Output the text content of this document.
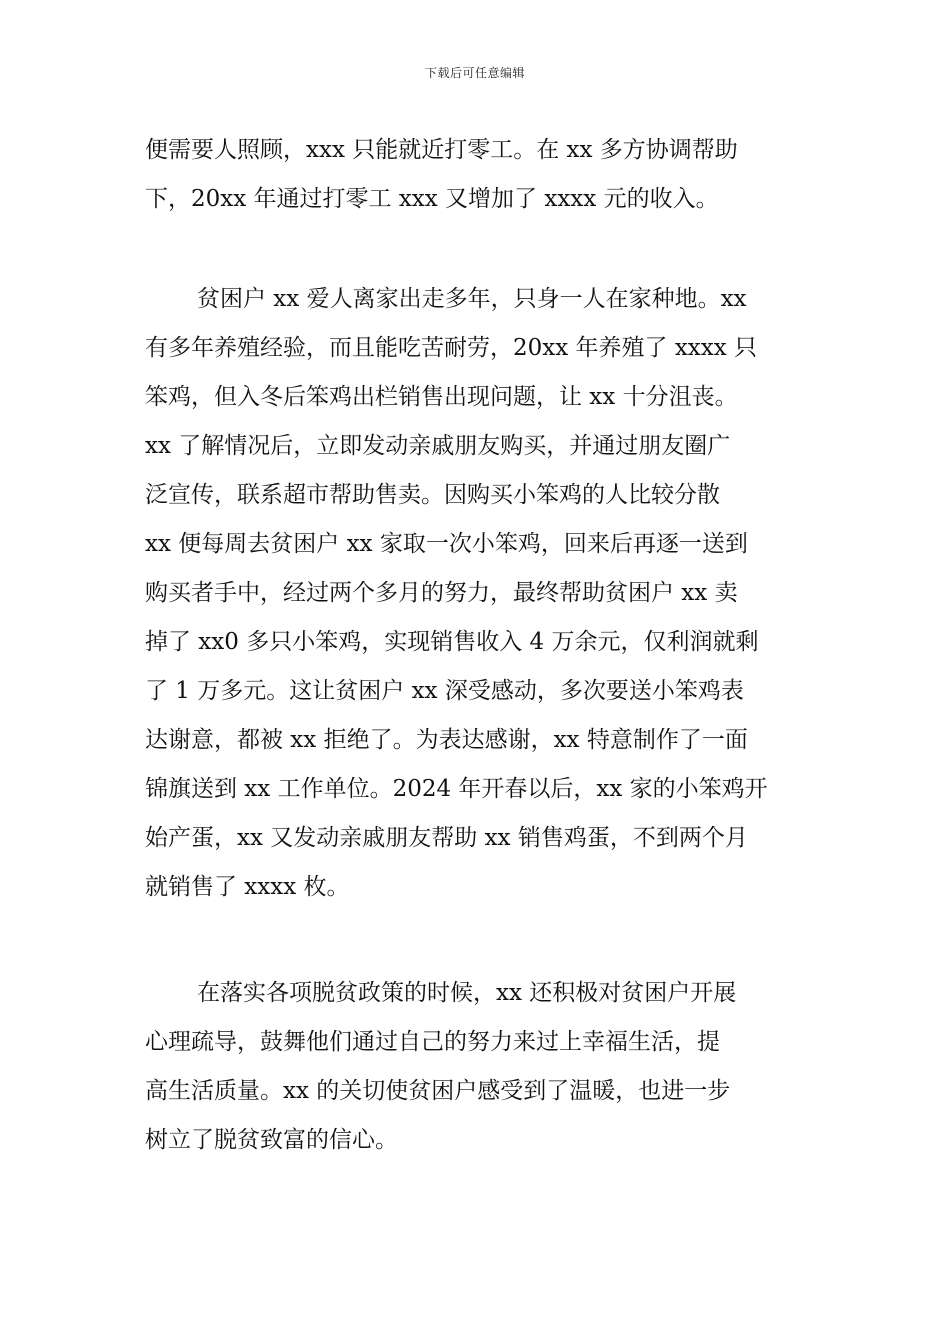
下载后可任意编辑
便需要人照顾，xxx 只能就近打零工。在 xx 多方协调帮助
下，20xx 年通过打零工 xxx 又增加了 xxxx 元的收入。
贫困户 xx 爱人离家出走多年，只身一人在家种地。xx
有多年养殖经验，而且能吃苦耐劳，20xx 年养殖了 xxxx 只
笨鸡，但入冬后笨鸡出栏销售出现问题，让 xx 十分沮丧。
xx 了解情况后，立即发动亲戚朋友购买，并通过朋友圈广
泛宣传，联系超市帮助售卖。因购买小笨鸡的人比较分散
xx 便每周去贫困户 xx 家取一次小笨鸡，回来后再逐一送到
购买者手中，经过两个多月的努力，最终帮助贫困户 xx 卖
掉了 xx0 多只小笨鸡，实现销售收入 4 万余元，仅利润就剩
了 1 万多元。这让贫困户 xx 深受感动，多次要送小笨鸡表
达谢意，都被 xx 拒绝了。为表达感谢，xx 特意制作了一面
锦旗送到 xx 工作单位。2024 年开春以后，xx 家的小笨鸡开
始产蛋，xx 又发动亲戚朋友帮助 xx 销售鸡蛋，不到两个月
就销售了 xxxx 枚。
在落实各项脱贫政策的时候，xx 还积极对贫困户开展
心理疏导，鼓舞他们通过自己的努力来过上幸福生活，提
高生活质量。xx 的关切使贫困户感受到了温暖，也进一步
树立了脱贫致富的信心。
